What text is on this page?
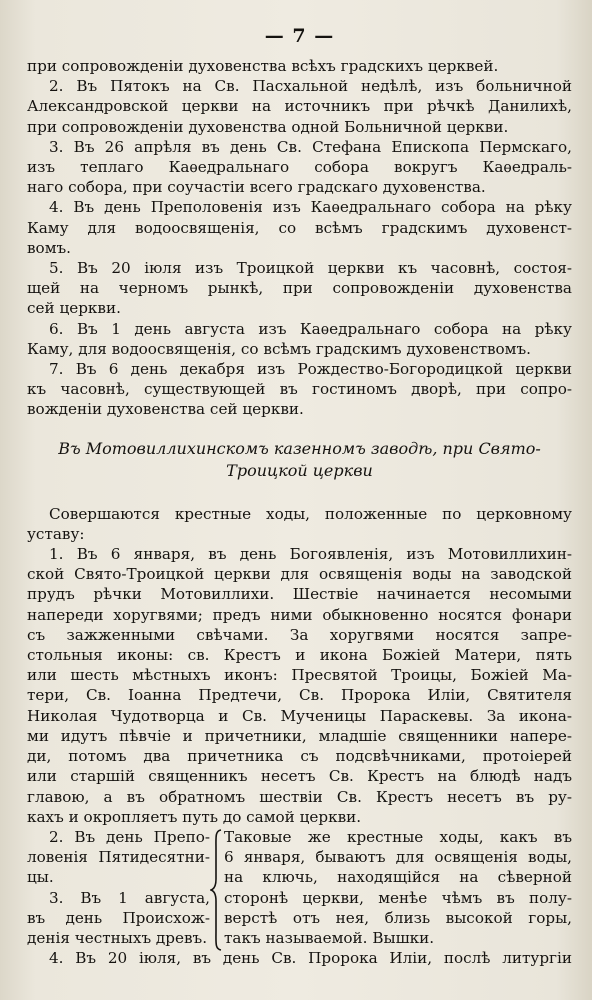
— 7 —
при сопровожденіи духовенства всѣхъ градскихъ церквей.
2. Въ Пятокъ на Св. Пасхальной недѣлѣ, изъ больничной
Александровской церкви на источникъ при рѣчкѣ Данилихѣ,
при сопровожденіи духовенства одной Больничной церкви.
3. Въ 26 апрѣля въ день Св. Стефана Епископа Пермскаго,
изъ теплаго Каѳедральнаго собора вокругъ Каѳедраль-
наго собора, при соучастіи всего градскаго духовенства.
4. Въ день Преполовенія изъ Каѳедральнаго собора на рѣку
Каму для водоосвященія, со всѣмъ градскимъ духовенст-
вомъ.
5. Въ 20 іюля изъ Троицкой церкви къ часовнѣ, состоя-
щей на черномъ рынкѣ, при сопровожденіи духовенства
сей церкви.
6. Въ 1 день августа изъ Каѳедральнаго собора на рѣку
Каму, для водоосвященія, со всѣмъ градскимъ духовенствомъ.
7. Въ 6 день декабря изъ Рождество-Богородицкой церкви
къ часовнѣ, существующей въ гостиномъ дворѣ, при сопро-
вожденіи духовенства сей церкви.
Въ Мотовиллихинскомъ казенномъ заводѣ, при Свято-
Троицкой церкви
Совершаются крестные ходы, положенные по церковному
уставу:
1. Въ 6 января, въ день Богоявленія, изъ Мотовиллихин-
ской Свято-Троицкой церкви для освященія воды на заводской
прудъ рѣчки Мотовиллихи. Шествіе начинается несомыми
напереди хоругвями; предъ ними обыкновенно носятся фонари
съ зажженными свѣчами. За хоругвями носятся запре-
стольныя иконы: св. Крестъ и икона Божіей Матери, пять
или шесть мѣстныхъ иконъ: Пресвятой Троицы, Божіей Ма-
тери, Св. Іоанна Предтечи, Св. Пророка Иліи, Святителя
Николая Чудотворца и Св. Мученицы Параскевы. За икона-
ми идутъ пѣвчіе и причетники, младшіе священники напере-
ди, потомъ два причетника съ подсвѣчниками, протоіерей
или старшій священникъ несетъ Св. Крестъ на блюдѣ надъ
главою, а въ обратномъ шествіи Св. Крестъ несетъ въ ру-
кахъ и окропляетъ путь до самой церкви.
2. Въ день Препо-
ловенія Пятидесятни-
цы.
3. Въ 1 августа,
въ день Происхож-
денія честныхъ древъ.
Таковые же крестные ходы, какъ въ
6 января, бываютъ для освященія воды,
на ключь, находящійся на сѣверной
сторонѣ церкви, менѣе чѣмъ въ полу-
верстѣ отъ нея, близь высокой горы,
такъ называемой. Вышки.
4. Въ 20 іюля, въ день Св. Пророка Иліи, послѣ литургіи
